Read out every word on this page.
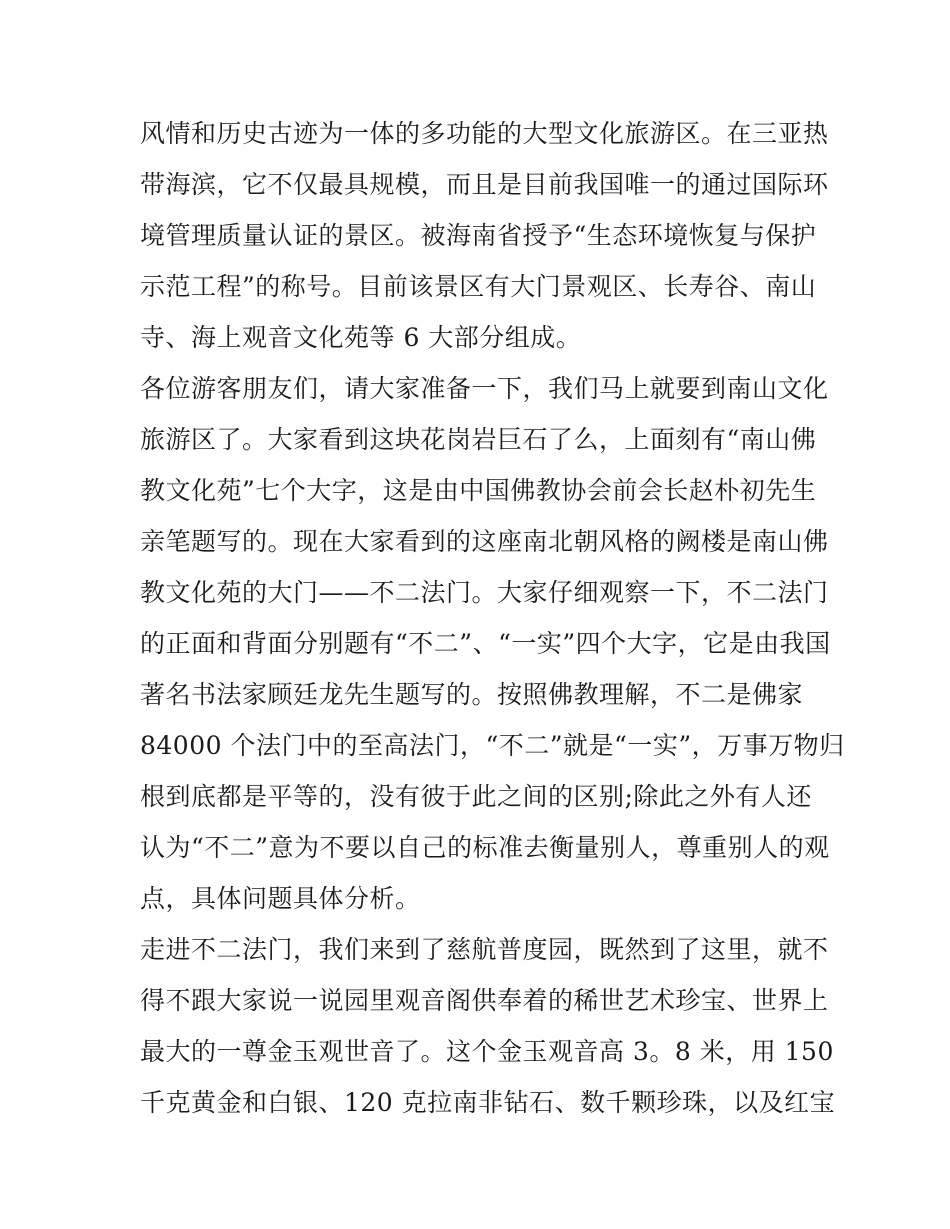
风情和历史古迹为一体的多功能的大型文化旅游区。在三亚热
带海滨，它不仅最具规模，而且是目前我国唯一的通过国际环
境管理质量认证的景区。被海南省授予“生态环境恢复与保护
示范工程”的称号。目前该景区有大门景观区、长寿谷、南山
寺、海上观音文化苑等 6 大部分组成。
各位游客朋友们，请大家准备一下，我们马上就要到南山文化
旅游区了。大家看到这块花岗岩巨石了么，上面刻有“南山佛
教文化苑”七个大字，这是由中国佛教协会前会长赵朴初先生
亲笔题写的。现在大家看到的这座南北朝风格的阙楼是南山佛
教文化苑的大门——不二法门。大家仔细观察一下，不二法门
的正面和背面分别题有“不二”、“一实”四个大字，它是由我国
著名书法家顾廷龙先生题写的。按照佛教理解，不二是佛家
84000 个法门中的至高法门，“不二”就是“一实”，万事万物归
根到底都是平等的，没有彼于此之间的区别;除此之外有人还
认为“不二”意为不要以自己的标准去衡量别人，尊重别人的观
点，具体问题具体分析。
走进不二法门，我们来到了慈航普度园，既然到了这里，就不
得不跟大家说一说园里观音阁供奉着的稀世艺术珍宝、世界上
最大的一尊金玉观世音了。这个金玉观音高 3。8 米，用 150
千克黄金和白银、120 克拉南非钻石、数千颗珍珠，以及红宝
